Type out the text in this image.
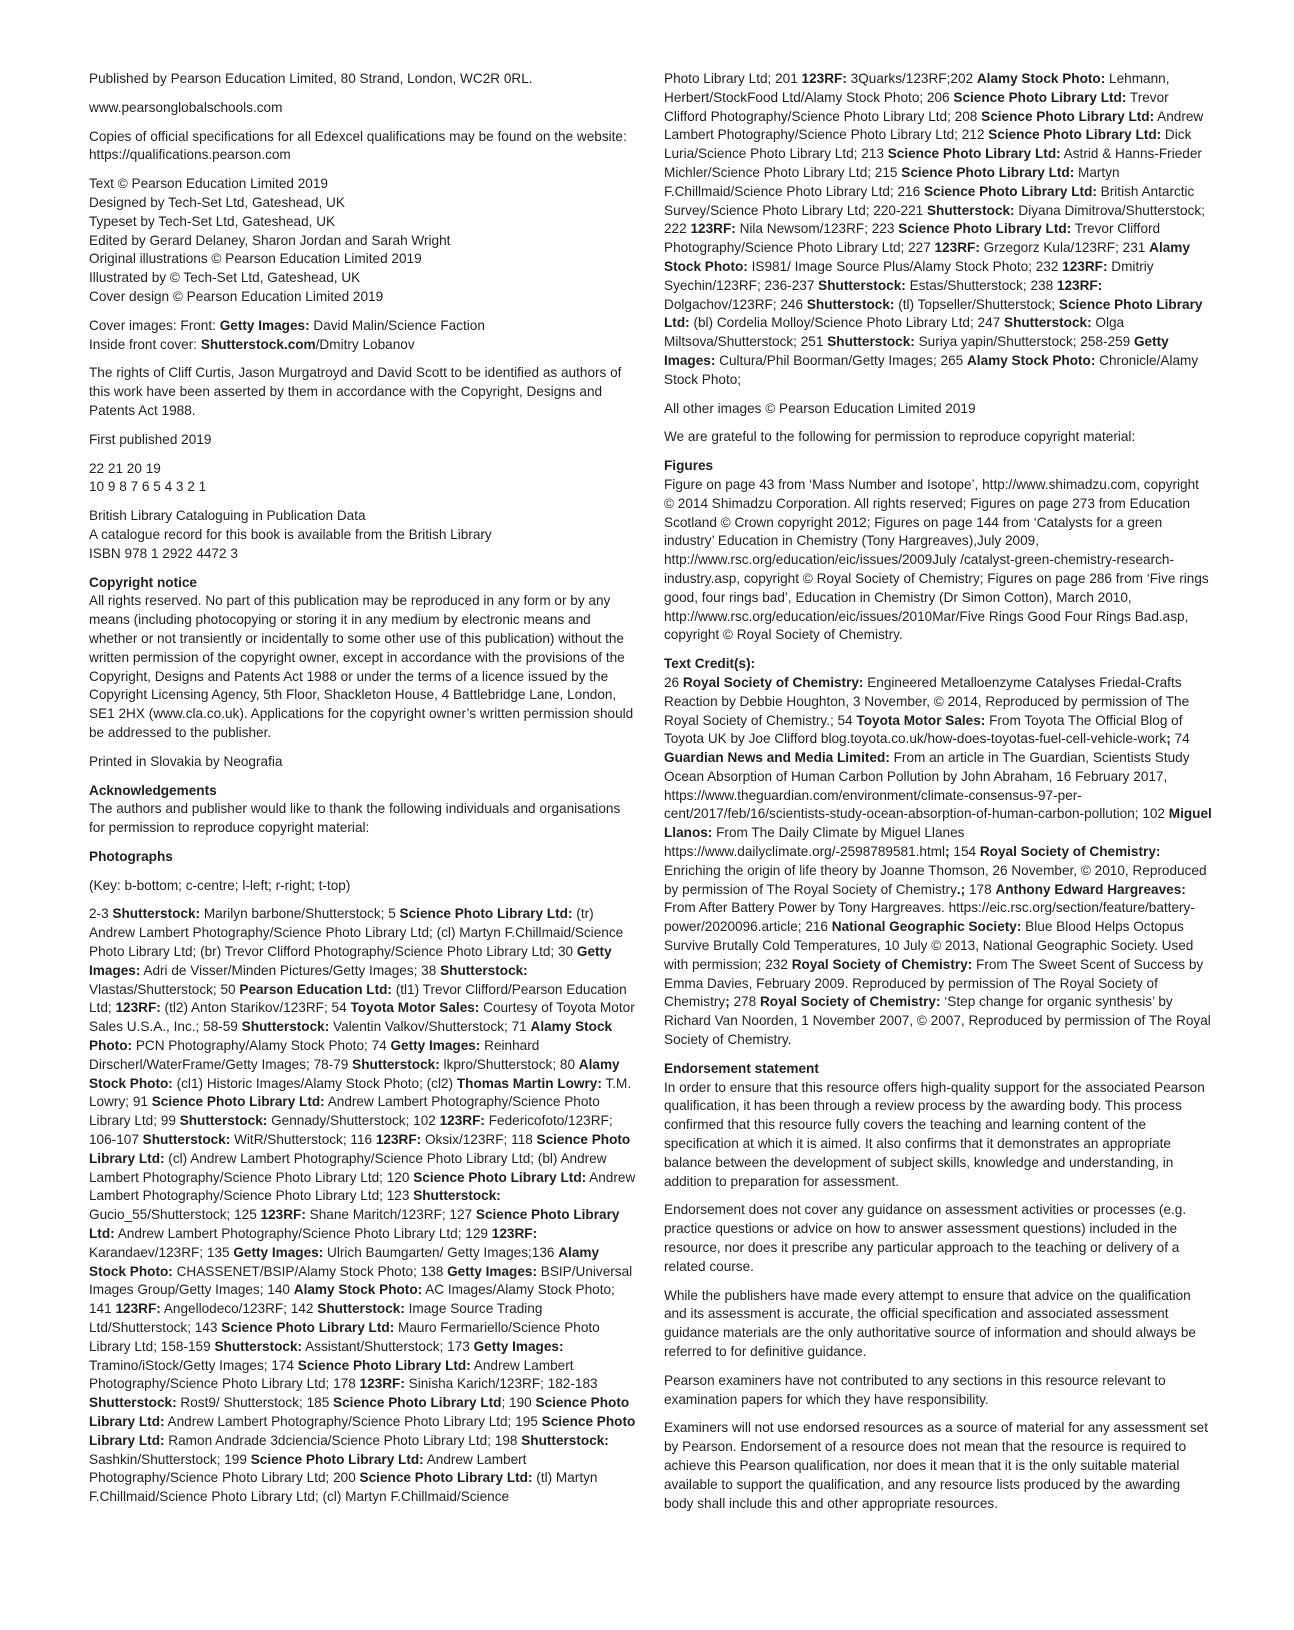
Published by Pearson Education Limited, 80 Strand, London, WC2R 0RL.

www.pearsonglobalschools.com

Copies of official specifications for all Edexcel qualifications may be found on the website: https://qualifications.pearson.com

Text © Pearson Education Limited 2019
Designed by Tech-Set Ltd, Gateshead, UK
Typeset by Tech-Set Ltd, Gateshead, UK
Edited by Gerard Delaney, Sharon Jordan and Sarah Wright
Original illustrations © Pearson Education Limited 2019
Illustrated by © Tech-Set Ltd, Gateshead, UK
Cover design © Pearson Education Limited 2019
Cover images: Front: Getty Images: David Malin/Science Faction
Inside front cover: Shutterstock.com/Dmitry Lobanov

The rights of Cliff Curtis, Jason Murgatroyd and David Scott to be identified as authors of this work have been asserted by them in accordance with the Copyright, Designs and Patents Act 1988.

First published 2019

22 21 20 19
10 9 8 7 6 5 4 3 2 1
British Library Cataloguing in Publication Data
A catalogue record for this book is available from the British Library
ISBN 978 1 2922 4472 3
Copyright notice
All rights reserved. No part of this publication may be reproduced in any form or by any means (including photocopying or storing it in any medium by electronic means and whether or not transiently or incidentally to some other use of this publication) without the written permission of the copyright owner, except in accordance with the provisions of the Copyright, Designs and Patents Act 1988 or under the terms of a licence issued by the Copyright Licensing Agency, 5th Floor, Shackleton House, 4 Battlebridge Lane, London, SE1 2HX (www.cla.co.uk). Applications for the copyright owner’s written permission should be addressed to the publisher.

Printed in Slovakia by Neografia

Acknowledgements
The authors and publisher would like to thank the following individuals and organisations for permission to reproduce copyright material:

Photographs

(Key: b-bottom; c-centre; l-left; r-right; t-top)

2-3 Shutterstock: Marilyn barbone/Shutterstock; 5 Science Photo Library Ltd: (tr) Andrew Lambert Photography/Science Photo Library Ltd; (cl) Martyn F.Chillmaid/Science Photo Library Ltd; (br) Trevor Clifford Photography/Science Photo Library Ltd; 30 Getty Images: Adri de Visser/Minden Pictures/Getty Images; 38 Shutterstock: Vlastas/Shutterstock; 50 Pearson Education Ltd: (tl1) Trevor Clifford/Pearson Education Ltd; 123RF: (tl2) Anton Starikov/123RF; 54 Toyota Motor Sales: Courtesy of Toyota Motor Sales U.S.A., Inc.; 58-59 Shutterstock: Valentin Valkov/Shutterstock; 71 Alamy Stock Photo: PCN Photography/Alamy Stock Photo; 74 Getty Images: Reinhard Dirscherl/WaterFrame/Getty Images; 78-79 Shutterstock: lkpro/Shutterstock; 80 Alamy Stock Photo: (cl1) Historic Images/Alamy Stock Photo; (cl2) Thomas Martin Lowry: T.M. Lowry; 91 Science Photo Library Ltd: Andrew Lambert Photography/Science Photo Library Ltd; 99 Shutterstock: Gennady/Shutterstock; 102 123RF: Federicofoto/123RF; 106-107 Shutterstock: WitR/Shutterstock; 116 123RF: Oksix/123RF; 118 Science Photo Library Ltd: (cl) Andrew Lambert Photography/Science Photo Library Ltd; (bl) Andrew Lambert Photography/Science Photo Library Ltd; 120 Science Photo Library Ltd: Andrew Lambert Photography/Science Photo Library Ltd; 123 Shutterstock: Gucio_55/Shutterstock; 125 123RF: Shane Maritch/123RF; 127 Science Photo Library Ltd: Andrew Lambert Photography/Science Photo Library Ltd; 129 123RF: Karandaev/123RF; 135 Getty Images: Ulrich Baumgarten/ Getty Images;136 Alamy Stock Photo: CHASSENET/BSIP/Alamy Stock Photo; 138 Getty Images: BSIP/Universal Images Group/Getty Images; 140 Alamy Stock Photo: AC Images/Alamy Stock Photo; 141 123RF: Angellodeco/123RF; 142 Shutterstock: Image Source Trading Ltd/Shutterstock; 143 Science Photo Library Ltd: Mauro Fermariello/Science Photo Library Ltd; 158-159 Shutterstock: Assistant/Shutterstock; 173 Getty Images: Tramino/iStock/Getty Images; 174 Science Photo Library Ltd: Andrew Lambert Photography/Science Photo Library Ltd; 178 123RF: Sinisha Karich/123RF; 182-183 Shutterstock: Rost9/ Shutterstock; 185 Science Photo Library Ltd; 190 Science Photo Library Ltd: Andrew Lambert Photography/Science Photo Library Ltd; 195 Science Photo Library Ltd: Ramon Andrade 3dciencia/Science Photo Library Ltd; 198 Shutterstock: Sashkin/Shutterstock; 199 Science Photo Library Ltd: Andrew Lambert Photography/Science Photo Library Ltd; 200 Science Photo Library Ltd: (tl) Martyn F.Chillmaid/Science Photo Library Ltd; (cl) Martyn F.Chillmaid/Science

Photo Library Ltd; 201 123RF: 3Quarks/123RF;202 Alamy Stock Photo: Lehmann, Herbert/StockFood Ltd/Alamy Stock Photo; 206 Science Photo Library Ltd: Trevor Clifford Photography/Science Photo Library Ltd; 208 Science Photo Library Ltd: Andrew Lambert Photography/Science Photo Library Ltd; 212 Science Photo Library Ltd: Dick Luria/Science Photo Library Ltd; 213 Science Photo Library Ltd: Astrid & Hanns-Frieder Michler/Science Photo Library Ltd; 215 Science Photo Library Ltd: Martyn F.Chillmaid/Science Photo Library Ltd; 216 Science Photo Library Ltd: British Antarctic Survey/Science Photo Library Ltd; 220-221 Shutterstock: Diyana Dimitrova/Shutterstock; 222 123RF: Nila Newsom/123RF; 223 Science Photo Library Ltd: Trevor Clifford Photography/Science Photo Library Ltd; 227 123RF: Grzegorz Kula/123RF; 231 Alamy Stock Photo: IS981/ Image Source Plus/Alamy Stock Photo; 232 123RF: Dmitriy Syechin/123RF; 236-237 Shutterstock: Estas/Shutterstock; 238 123RF: Dolgachov/123RF; 246 Shutterstock: (tl) Topseller/Shutterstock; Science Photo Library Ltd: (bl) Cordelia Molloy/Science Photo Library Ltd; 247 Shutterstock: Olga Miltsova/Shutterstock; 251 Shutterstock: Suriya yapin/Shutterstock; 258-259 Getty Images: Cultura/Phil Boorman/Getty Images; 265 Alamy Stock Photo: Chronicle/Alamy Stock Photo;

All other images © Pearson Education Limited 2019

We are grateful to the following for permission to reproduce copyright material:

Figures
Figure on page 43 from ‘Mass Number and Isotope’, http://www.shimadzu.com, copyright © 2014 Shimadzu Corporation. All rights reserved; Figures on page 273 from Education Scotland © Crown copyright 2012; Figures on page 144 from ‘Catalysts for a green industry’ Education in Chemistry (Tony Hargreaves),July 2009, http://www.rsc.org/education/eic/issues/2009July /catalyst-green-chemistry-research-industry.asp, copyright © Royal Society of Chemistry; Figures on page 286 from ‘Five rings good, four rings bad’, Education in Chemistry (Dr Simon Cotton), March 2010, http://www.rsc.org/education/eic/issues/2010Mar/Five Rings Good Four Rings Bad.asp, copyright © Royal Society of Chemistry.
Text Credit(s):
26 Royal Society of Chemistry: Engineered Metalloenzyme Catalyses Friedal-Crafts Reaction by Debbie Houghton, 3 November, © 2014, Reproduced by permission of The Royal Society of Chemistry.; 54 Toyota Motor Sales: From Toyota The Official Blog of Toyota UK by Joe Clifford blog.toyota.co.uk/how-does-toyotas-fuel-cell-vehicle-work; 74 Guardian News and Media Limited: From an article in The Guardian, Scientists Study Ocean Absorption of Human Carbon Pollution by John Abraham, 16 February 2017, https://www.theguardian.com/environment/climate-consensus-97-per-cent/2017/feb/16/scientists-study-ocean-absorption-of-human-carbon-pollution; 102 Miguel Llanos: From The Daily Climate by Miguel Llanes https://www.dailyclimate.org/-2598789581.html; 154 Royal Society of Chemistry: Enriching the origin of life theory by Joanne Thomson, 26 November, © 2010, Reproduced by permission of The Royal Society of Chemistry.; 178 Anthony Edward Hargreaves: From After Battery Power by Tony Hargreaves. https://eic.rsc.org/section/feature/battery-power/2020096.article; 216 National Geographic Society: Blue Blood Helps Octopus Survive Brutally Cold Temperatures, 10 July © 2013, National Geographic Society. Used with permission; 232 Royal Society of Chemistry: From The Sweet Scent of Success by Emma Davies, February 2009. Reproduced by permission of The Royal Society of Chemistry; 278 Royal Society of Chemistry: ‘Step change for organic synthesis’ by Richard Van Noorden, 1 November 2007, © 2007, Reproduced by permission of The Royal Society of Chemistry.
Endorsement statement
In order to ensure that this resource offers high-quality support for the associated Pearson qualification, it has been through a review process by the awarding body. This process confirmed that this resource fully covers the teaching and learning content of the specification at which it is aimed. It also confirms that it demonstrates an appropriate balance between the development of subject skills, knowledge and understanding, in addition to preparation for assessment.

Endorsement does not cover any guidance on assessment activities or processes (e.g. practice questions or advice on how to answer assessment questions) included in the resource, nor does it prescribe any particular approach to the teaching or delivery of a related course.

While the publishers have made every attempt to ensure that advice on the qualification and its assessment is accurate, the official specification and associated assessment guidance materials are the only authoritative source of information and should always be referred to for definitive guidance.

Pearson examiners have not contributed to any sections in this resource relevant to examination papers for which they have responsibility.

Examiners will not use endorsed resources as a source of material for any assessment set by Pearson. Endorsement of a resource does not mean that the resource is required to achieve this Pearson qualification, nor does it mean that it is the only suitable material available to support the qualification, and any resource lists produced by the awarding body shall include this and other appropriate resources.
